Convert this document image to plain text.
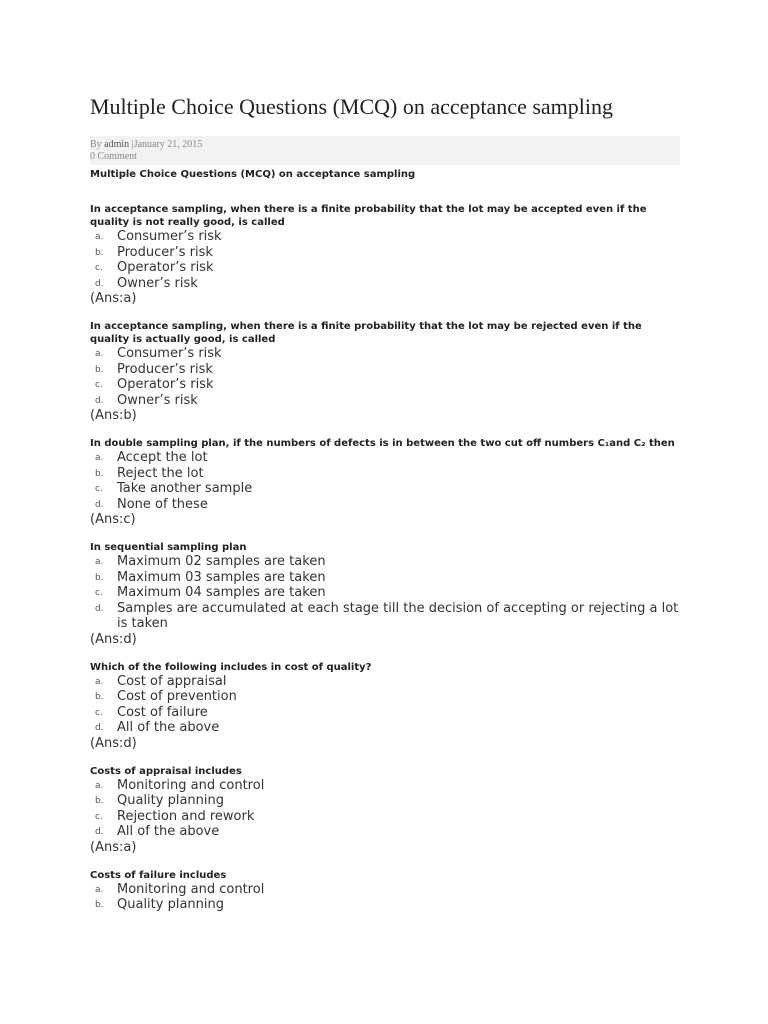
Multiple Choice Questions (MCQ) on acceptance sampling
By admin |January 21, 2015
0 Comment
Multiple Choice Questions (MCQ) on acceptance sampling
In acceptance sampling, when there is a finite probability that the lot may be accepted even if the quality is not really good, is called
a. Consumer’s risk
b. Producer’s risk
c. Operator’s risk
d. Owner’s risk
(Ans:a)
In acceptance sampling, when there is a finite probability that the lot may be rejected even if the quality is actually good, is called
a. Consumer’s risk
b. Producer’s risk
c. Operator’s risk
d. Owner’s risk
(Ans:b)
In double sampling plan, if the numbers of defects is in between the two cut off numbers C₁and C₂ then
a. Accept the lot
b. Reject the lot
c. Take another sample
d. None of these
(Ans:c)
In sequential sampling plan
a. Maximum 02 samples are taken
b. Maximum 03 samples are taken
c. Maximum 04 samples are taken
d. Samples are accumulated at each stage till the decision of accepting or rejecting a lot is taken
(Ans:d)
Which of the following includes in cost of quality?
a. Cost of appraisal
b. Cost of prevention
c. Cost of failure
d. All of the above
(Ans:d)
Costs of appraisal includes
a. Monitoring and control
b. Quality planning
c. Rejection and rework
d. All of the above
(Ans:a)
Costs of failure includes
a. Monitoring and control
b. Quality planning
